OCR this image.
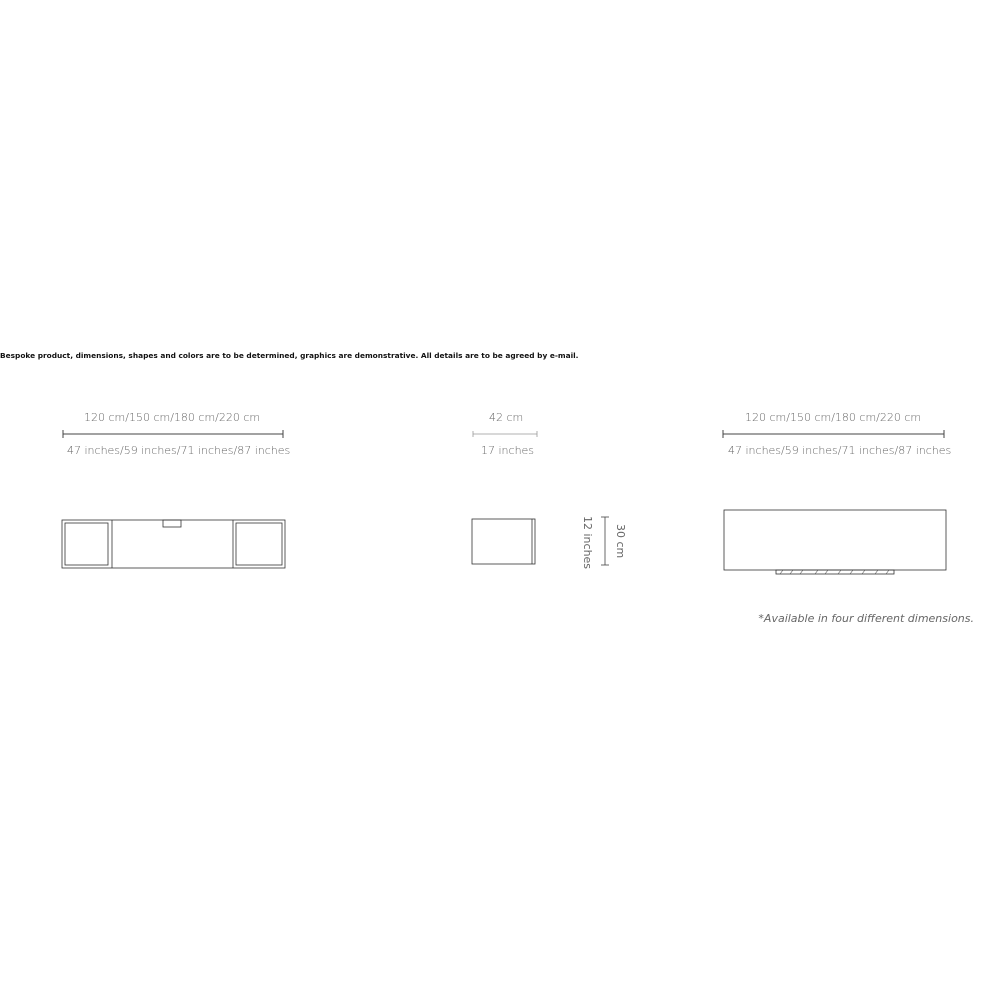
Bespoke product, dimensions, shapes and colors are to be determined, graphics are demonstrative. All details are to be agreed by e-mail.
120 cm/150 cm/180 cm/220 cm
47 inches/59 inches/71 inches/87 inches
42 cm
17 inches
30 cm
12 inches
120 cm/150 cm/180 cm/220 cm
47 inches/59 inches/71 inches/87 inches
*Available in four different dimensions.
